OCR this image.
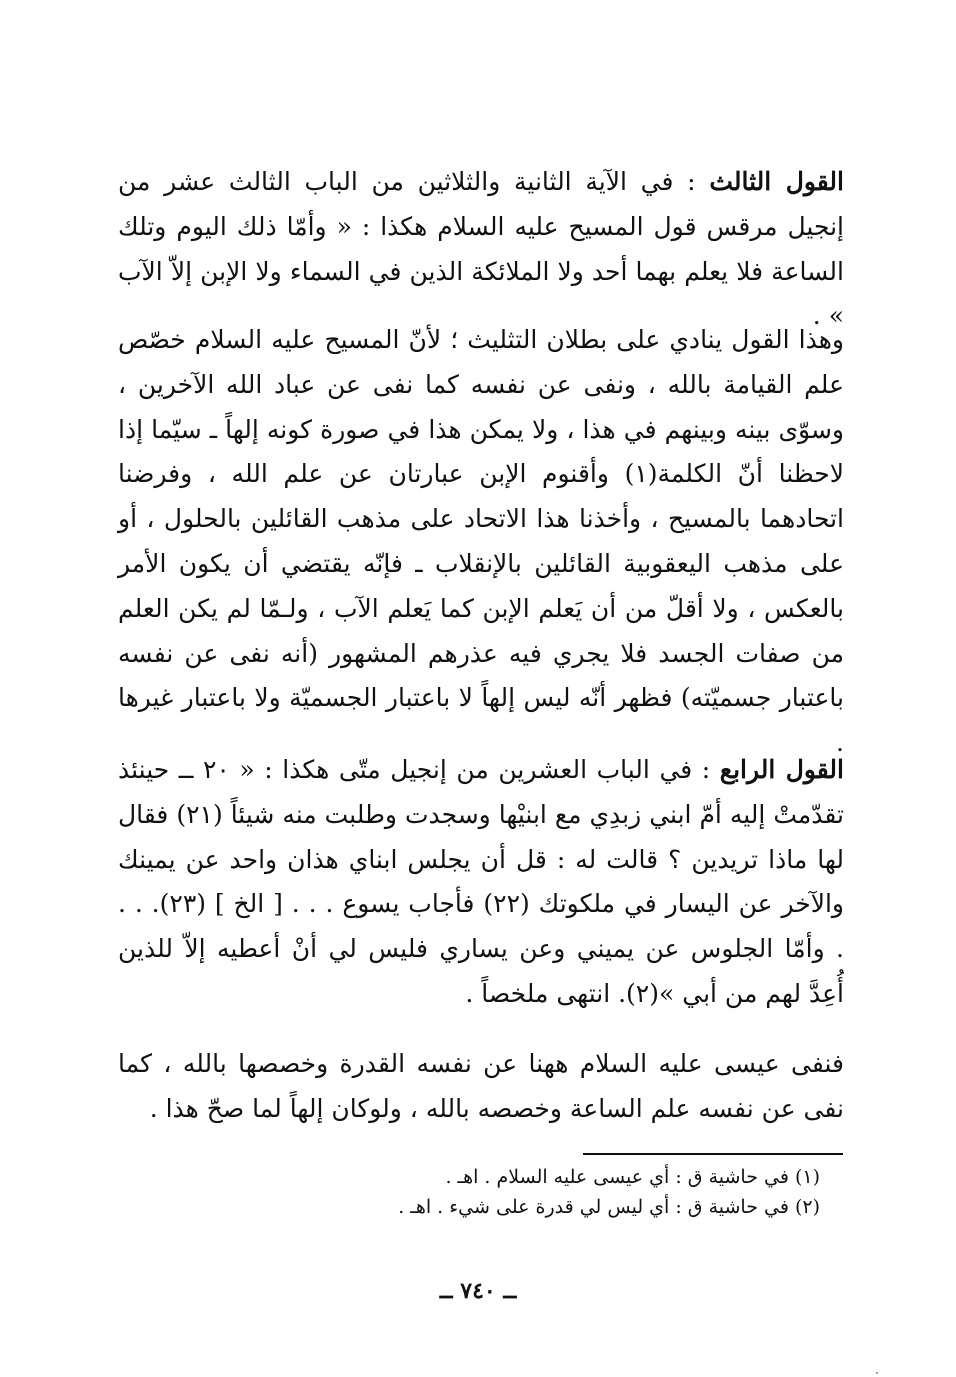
القول الثالث : في الآية الثانية والثلاثين من الباب الثالث عشر من إنجيل مرقس قول المسيح عليه السلام هكذا : « وأمّا ذلك اليوم وتلك الساعة فلا يعلم بهما أحد ولا الملائكة الذين في السماء ولا الإبن إلاّ الآب » .

وهذا القول ينادي على بطلان التثليث ؛ لأنّ المسيح عليه السلام خصّص علم القيامة بالله ، ونفى عن نفسه كما نفى عن عباد الله الآخرين ، وسوّى بينه وبينهم في هذا ، ولا يمكن هذا في صورة كونه إلهاً ـ سيّما إذا لاحظنا أنّ الكلمة(١) وأقنوم الإبن عبارتان عن علم الله ، وفرضنا اتحادهما بالمسيح ، وأخذنا هذا الاتحاد على مذهب القائلين بالحلول ، أو على مذهب اليعقوبية القائلين بالإنقلاب ـ فإنّه يقتضي أن يكون الأمر بالعكس ، ولا أقلّ من أن يَعلم الإبن كما يَعلم الآب ، ولـمّا لم يكن العلم من صفات الجسد فلا يجري فيه عذرهم المشهور (أنه نفى عن نفسه باعتبار جسميّته) فظهر أنّه ليس إلهاً لا باعتبار الجسميّة ولا باعتبار غيرها .

القول الرابع : في الباب العشرين من إنجيل متّى هكذا : « ٢٠ ــ حينئذ تقدّمتْ إليه أمّ ابني زبدِي مع ابنيْها وسجدت وطلبت منه شيئاً (٢١) فقال لها ماذا تريدين ؟ قالت له : قل أن يجلس ابناي هذان واحد عن يمينك والآخر عن اليسار في ملكوتك (٢٢) فأجاب يسوع . . . [ الخ ] (٢٣). . . . وأمّا الجلوس عن يميني وعن يساري فليس لي أنْ أعطيه إلاّ للذين أُعِدَّ لهم من أبي »(٢). انتهى ملخصاً .

فنفى عيسى عليه السلام ههنا عن نفسه القدرة وخصصها بالله ، كما نفى عن نفسه علم الساعة وخصصه بالله ، ولوكان إلهاً لما صحّ هذا .

(١) في حاشية ق : أي عيسى عليه السلام . اهـ .
(٢) في حاشية ق : أي ليس لي قدرة على شيء . اهـ .
ــ ٧٤٠ ــ
